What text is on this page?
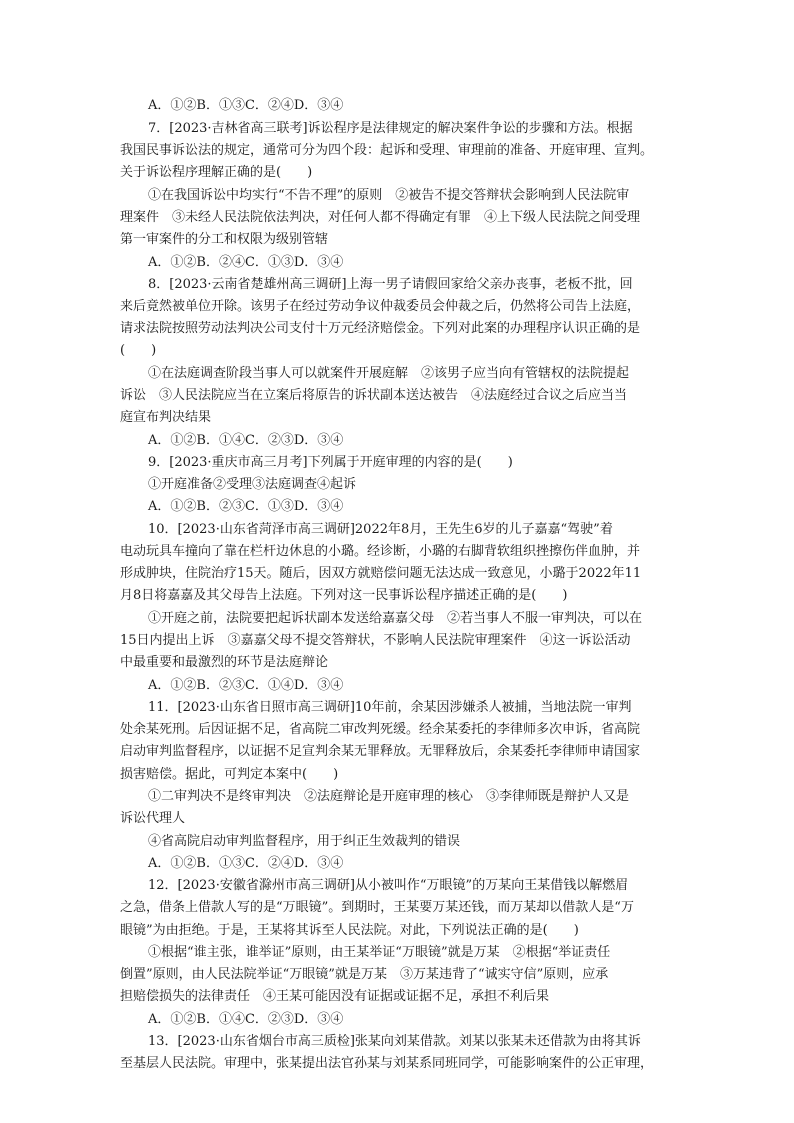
A．①②B．①③C．②④D．③④
7．[2023·吉林省高三联考]诉讼程序是法律规定的解决案件争讼的步骤和方法。根据
我国民事诉讼法的规定，通常可分为四个段：起诉和受理、审理前的准备、开庭审理、宣判。
关于诉讼程序理解正确的是(　　)
①在我国诉讼中均实行“不告不理”的原则　②被告不提交答辩状会影响到人民法院审
理案件　③未经人民法院依法判决，对任何人都不得确定有罪　④上下级人民法院之间受理
第一审案件的分工和权限为级别管辖
A．①②B．②④C．①③D．③④
8．[2023·云南省楚雄州高三调研]上海一男子请假回家给父亲办丧事，老板不批，回
来后竟然被单位开除。该男子在经过劳动争议仲裁委员会仲裁之后，仍然将公司告上法庭，
请求法院按照劳动法判决公司支付十万元经济赔偿金。下列对此案的办理程序认识正确的是
(　　)
①在法庭调查阶段当事人可以就案件开展庭解　②该男子应当向有管辖权的法院提起
诉讼　③人民法院应当在立案后将原告的诉状副本送达被告　④法庭经过合议之后应当当
庭宣布判决结果
A．①②B．①④C．②③D．③④
9．[2023·重庆市高三月考]下列属于开庭审理的内容的是(　　)
①开庭准备②受理③法庭调查④起诉
A．①②B．②③C．①③D．③④
10．[2023·山东省菏泽市高三调研]2022年8月，王先生6岁的儿子嘉嘉“驾驶”着
电动玩具车撞向了靠在栏杆边休息的小璐。经诊断，小璐的右脚背软组织挫擦伤伴血肿，并
形成肿块，住院治疗15天。随后，因双方就赔偿问题无法达成一致意见，小璐于2022年11
月8日将嘉嘉及其父母告上法庭。下列对这一民事诉讼程序描述正确的是(　　)
①开庭之前，法院要把起诉状副本发送给嘉嘉父母　②若当事人不服一审判决，可以在
15日内提出上诉　③嘉嘉父母不提交答辩状，不影响人民法院审理案件　④这一诉讼活动
中最重要和最激烈的环节是法庭辩论
A．①②B．②③C．①④D．③④
11．[2023·山东省日照市高三调研]10年前，余某因涉嫌杀人被捕，当地法院一审判
处余某死刑。后因证据不足，省高院二审改判死缓。经余某委托的李律师多次申诉，省高院
启动审判监督程序，以证据不足宣判余某无罪释放。无罪释放后，余某委托李律师申请国家
损害赔偿。据此，可判定本案中(　　)
①二审判决不是终审判决　②法庭辩论是开庭审理的核心　③李律师既是辩护人又是
诉讼代理人
④省高院启动审判监督程序，用于纠正生效裁判的错误
A．①②B．①③C．②④D．③④
12．[2023·安徽省滁州市高三调研]从小被叫作“万眼镜”的万某向王某借钱以解燃眉
之急，借条上借款人写的是“万眼镜”。到期时，王某要万某还钱，而万某却以借款人是“万
眼镜”为由拒绝。于是，王某将其诉至人民法院。对此，下列说法正确的是(　　)
①根据“谁主张，谁举证”原则，由王某举证“万眼镜”就是万某　②根据“举证责任
倒置”原则，由人民法院举证“万眼镜”就是万某　③万某违背了“诚实守信”原则，应承
担赔偿损失的法律责任　④王某可能因没有证据或证据不足，承担不利后果
A．①②B．①④C．②③D．③④
13．[2023·山东省烟台市高三质检]张某向刘某借款。刘某以张某未还借款为由将其诉
至基层人民法院。审理中，张某提出法官孙某与刘某系同班同学，可能影响案件的公正审理，
